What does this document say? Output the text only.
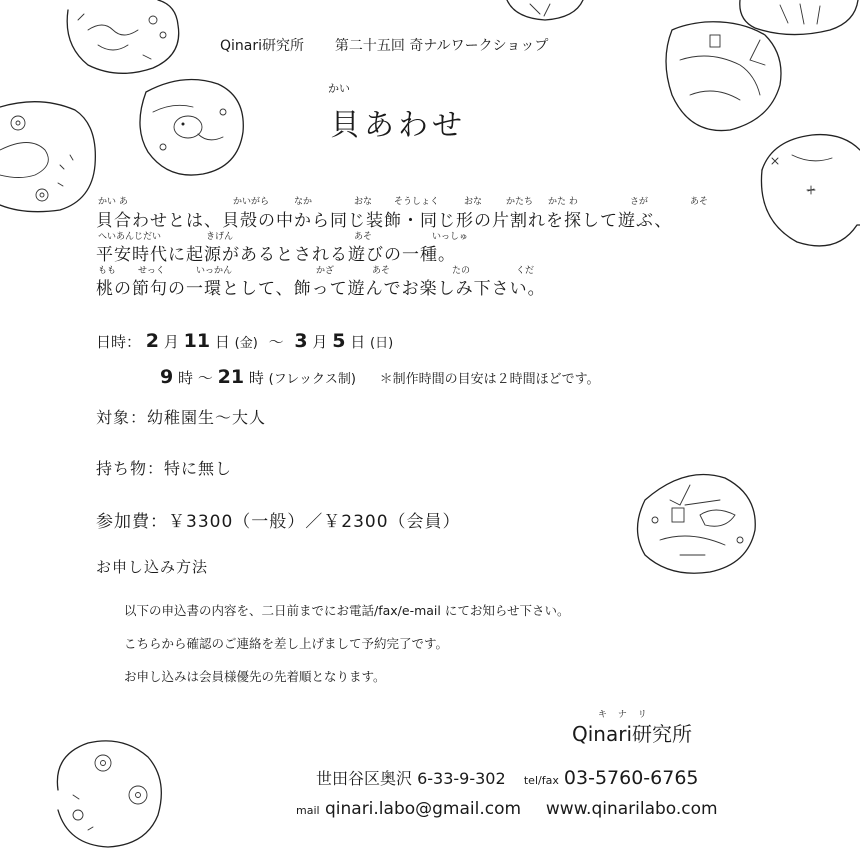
Qinari研究所 第二十五回 奇ナルワークショップ
かい
貝あわせ
かい あ	かいがら	なか	おな そうしょく	おな	かたち かた わ	さが	あそ
貝合わせとは、貝殻の中から同じ装飾・同じ形の片割れを探して遊ぶ、
へいあんじだい	きげん	あそ	いっしゅ
平安時代に起源があるとされる遊びの一種。
もも せっく	いっかん	かざ	あそ	たの	くだ
桃の節句の一環として、飾って遊んでお楽しみ下さい。
日時： 2 月 11 日 (金) 〜 3 月 5 日 (日)
9 時 〜 21 時 (フレックス制) ＊制作時間の目安は２時間ほどです。
対象：幼稚園生〜大人
持ち物：特に無し
参加費：￥3300（一般）／￥2300（会員）
お申し込み方法
以下の申込書の内容を、二日前までにお電話/fax/e-mail にてお知らせ下さい。
こちらから確認のご連絡を差し上げまして予約完了です。
お申し込みは会員様優先の先着順となります。
キ ナ リ
Qinari研究所
世田谷区奥沢 6-33-9-302 tel/fax 03-5760-6765
mail qinari.labo@gmail.com www.qinarilabo.com
